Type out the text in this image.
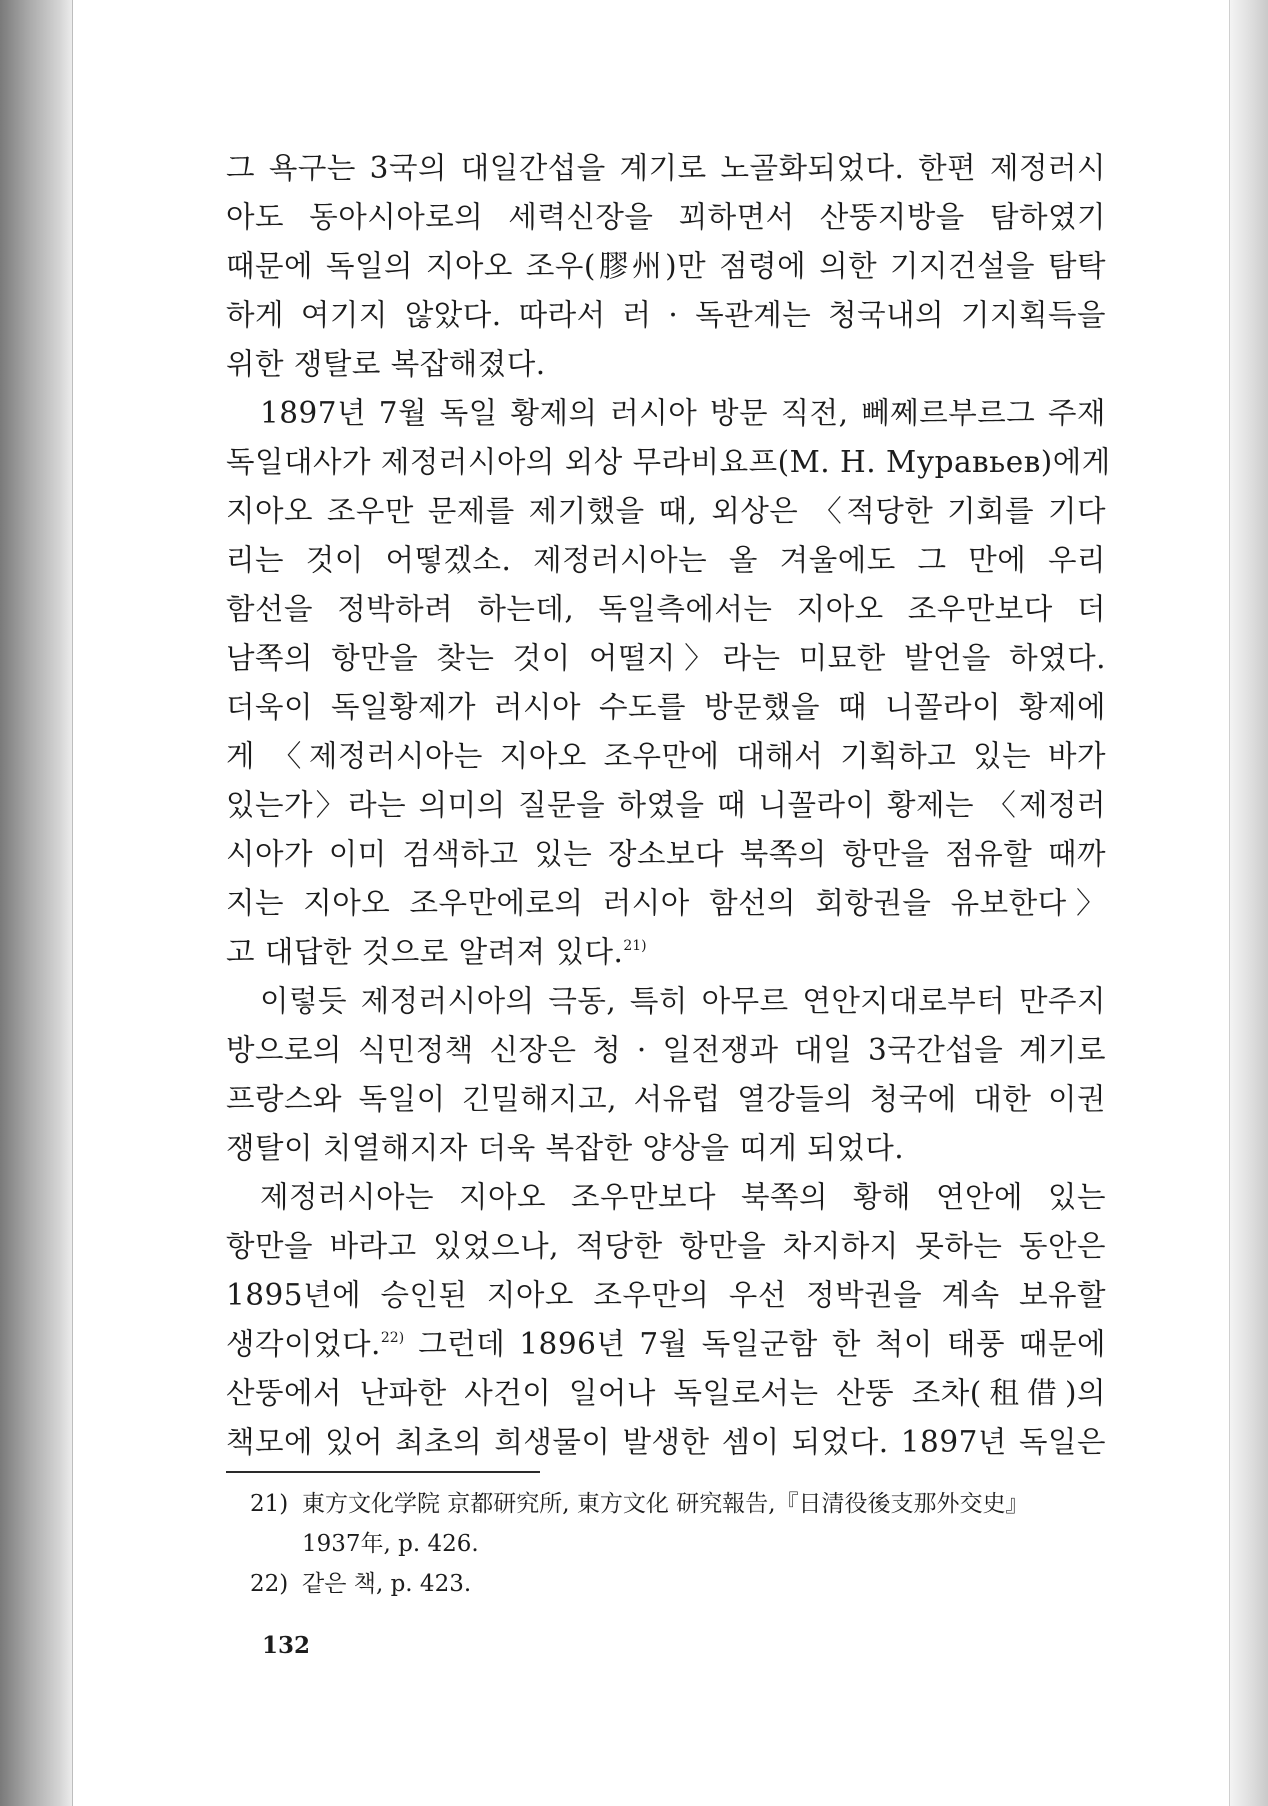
그 욕구는 3국의 대일간섭을 계기로 노골화되었다. 한편 제정러시
아도 동아시아로의 세력신장을 꾀하면서 산뚱지방을 탐하였기
때문에 독일의 지아오 조우(膠州)만 점령에 의한 기지건설을 탐탁
하게 여기지 않았다. 따라서 러 · 독관계는 청국내의 기지획득을
위한 쟁탈로 복잡해졌다.
1897년 7월 독일 황제의 러시아 방문 직전, 뻬쩨르부르그 주재
독일대사가 제정러시아의 외상 무라비요프(M. H. Муравьев)에게
지아오 조우만 문제를 제기했을 때, 외상은 〈적당한 기회를 기다
리는 것이 어떻겠소. 제정러시아는 올 겨울에도 그 만에 우리
함선을 정박하려 하는데, 독일측에서는 지아오 조우만보다 더
남쪽의 항만을 찾는 것이 어떨지〉라는 미묘한 발언을 하였다.
더욱이 독일황제가 러시아 수도를 방문했을 때 니꼴라이 황제에
게 〈제정러시아는 지아오 조우만에 대해서 기획하고 있는 바가
있는가〉라는 의미의 질문을 하였을 때 니꼴라이 황제는 〈제정러
시아가 이미 검색하고 있는 장소보다 북쪽의 항만을 점유할 때까
지는 지아오 조우만에로의 러시아 함선의 회항권을 유보한다〉
고 대답한 것으로 알려져 있다.$^{21)}$
이렇듯 제정러시아의 극동, 특히 아무르 연안지대로부터 만주지
방으로의 식민정책 신장은 청 · 일전쟁과 대일 3국간섭을 계기로
프랑스와 독일이 긴밀해지고, 서유럽 열강들의 청국에 대한 이권
쟁탈이 치열해지자 더욱 복잡한 양상을 띠게 되었다.
제정러시아는 지아오 조우만보다 북쪽의 황해 연안에 있는
항만을 바라고 있었으나, 적당한 항만을 차지하지 못하는 동안은
1895년에 승인된 지아오 조우만의 우선 정박권을 계속 보유할
생각이었다.$^{22)}$ 그런데 1896년 7월 독일군함 한 척이 태풍 때문에
산뚱에서 난파한 사건이 일어나 독일로서는 산뚱 조차(租借)의
책모에 있어 최초의 희생물이 발생한 셈이 되었다. 1897년 독일은
21) 東方文化学院 京都研究所, 東方文化 研究報告,『日清役後支那外交史』
1937年, p. 426.
22) 같은 책, p. 423.
132
